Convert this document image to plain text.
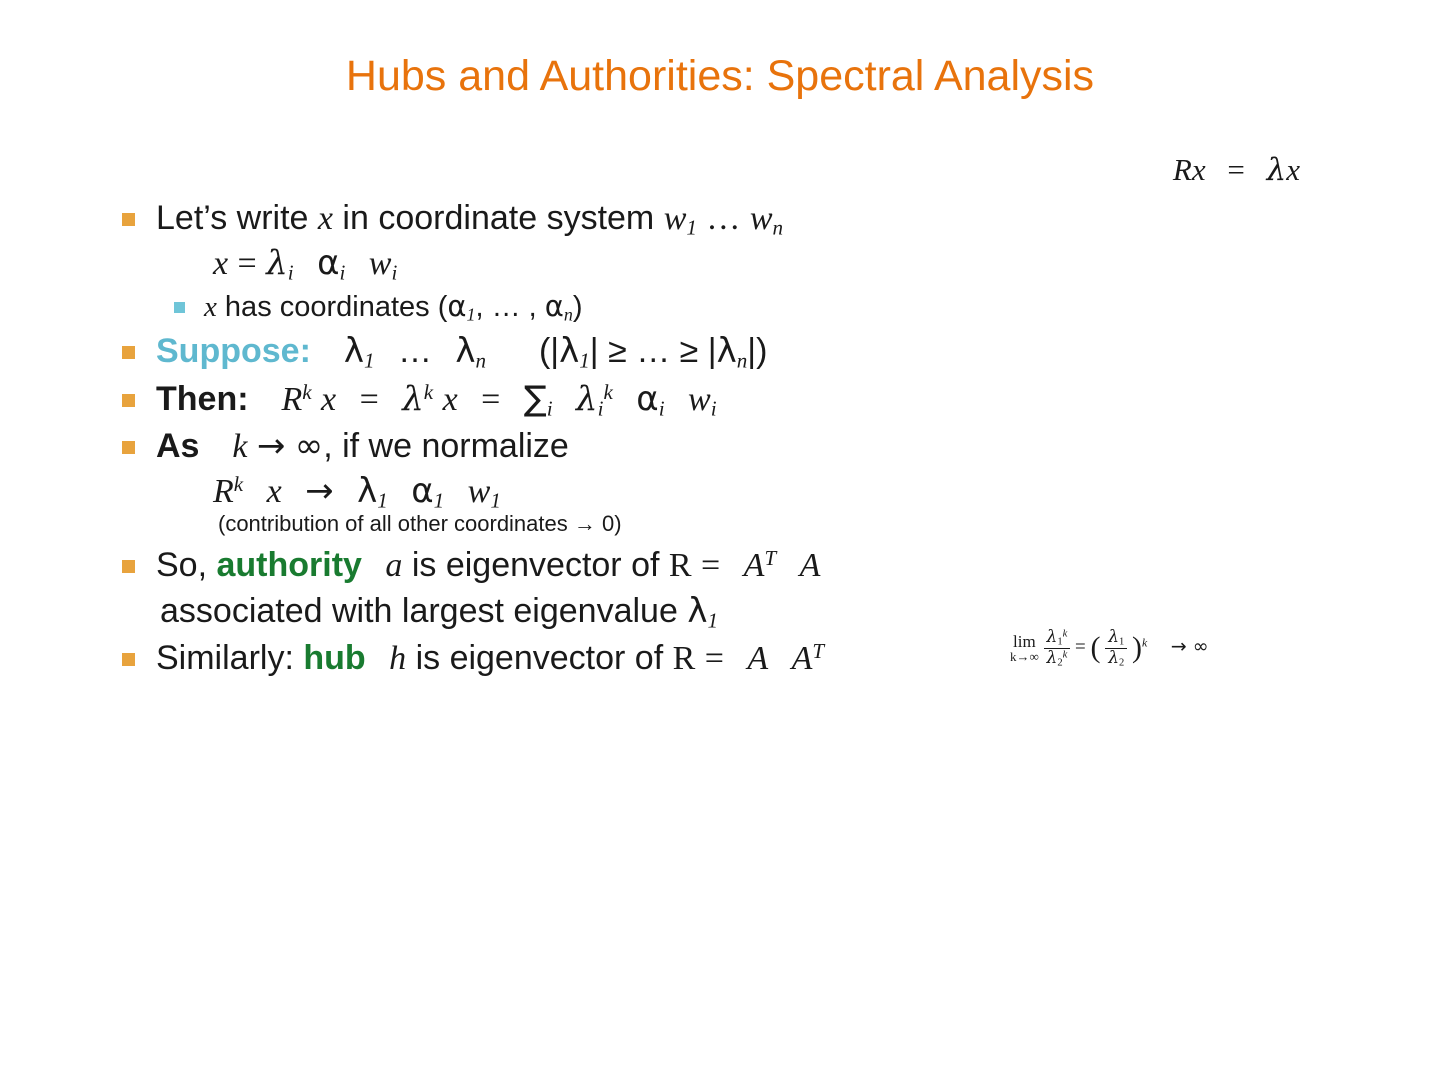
Hubs and Authorities: Spectral Analysis
Rx = λx
Let’s write x in coordinate system $w_1$ … $w_n$
$x = \lambda_i$ $\alpha_i$ $w_i$
x has coordinates ($\alpha_1$, … , $\alpha_n$)
Suppose: $\lambda_1$ … $\lambda_n$ ($|\lambda_1|$ ≥ … ≥ $|\lambda_n|$)
Then: $R^k$ $x = \lambda^k$ $x = \sum_i$ $\lambda_i^k$ $\alpha_i$ $w_i$
As k → ∞, if we normalize
$R^k$ $x \to \lambda_1$ $\alpha_1$ $w_1$
(contribution of all other coordinates → 0)
So, authority a is eigenvector of $R = A^T$ A
associated with largest eigenvalue $\lambda_1$
Similarly: hub h is eigenvector of R = A $A^T$	lim
k→∞
$\frac{\lambda_1^k}{\lambda_2^k}$ = ( $\frac{\lambda_1}{\lambda_2} )^k$ → ∞
